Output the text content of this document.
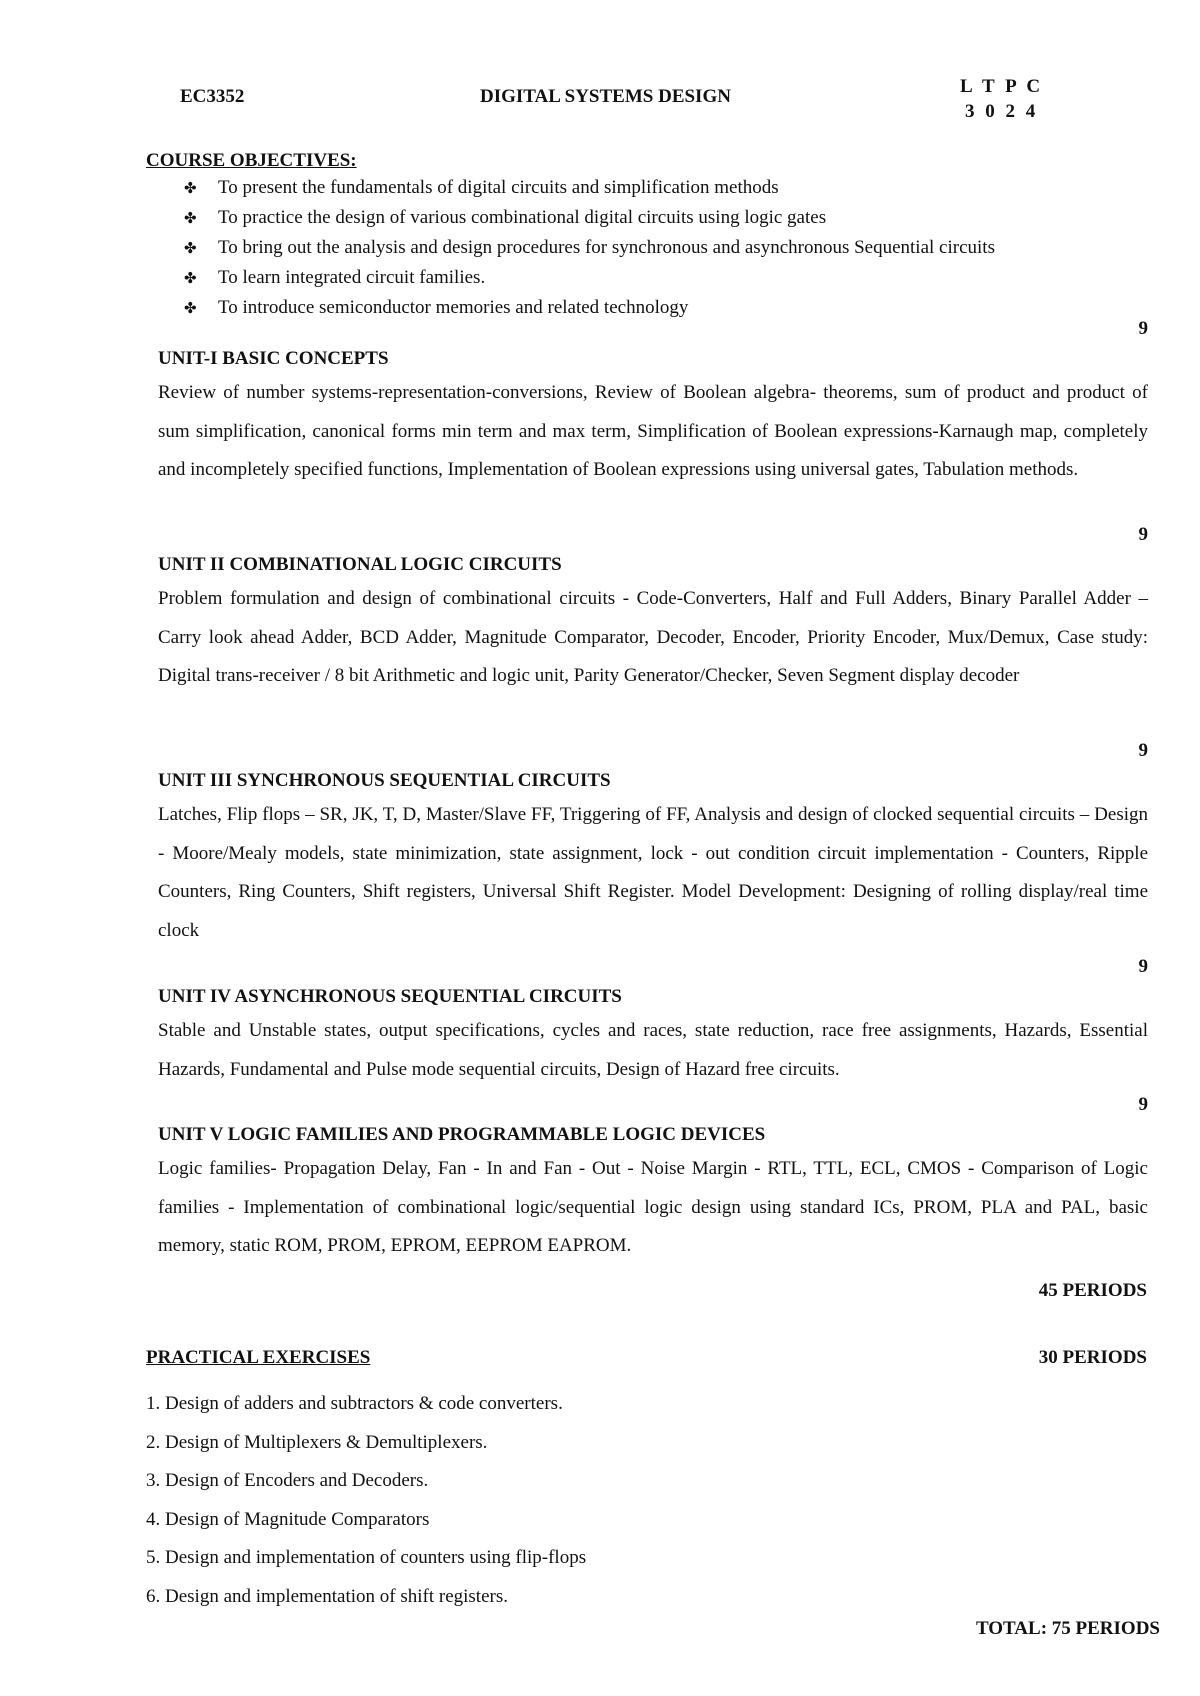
EC3352	DIGITAL SYSTEMS DESIGN	L T P C
3 0 2 4
COURSE OBJECTIVES:
✤ To present the fundamentals of digital circuits and simplification methods
✤ To practice the design of various combinational digital circuits using logic gates
✤ To bring out the analysis and design procedures for synchronous and asynchronous Sequential circuits
✤ To learn integrated circuit families.
✤ To introduce semiconductor memories and related technology
9
UNIT-I BASIC CONCEPTS

Review of number systems-representation-conversions, Review of Boolean algebra- theorems, sum of product and product of sum simplification, canonical forms min term and max term, Simplification of Boolean expressions-Karnaugh map, completely and incompletely specified functions, Implementation of Boolean expressions using universal gates, Tabulation methods.

9
UNIT II COMBINATIONAL LOGIC CIRCUITS

Problem formulation and design of combinational circuits - Code-Converters, Half and Full Adders, Binary Parallel Adder – Carry look ahead Adder, BCD Adder, Magnitude Comparator, Decoder, Encoder, Priority Encoder, Mux/Demux, Case study: Digital trans-receiver / 8 bit Arithmetic and logic unit, Parity Generator/Checker, Seven Segment display decoder

9
UNIT III SYNCHRONOUS SEQUENTIAL CIRCUITS

Latches, Flip flops – SR, JK, T, D, Master/Slave FF, Triggering of FF, Analysis and design of clocked sequential circuits – Design - Moore/Mealy models, state minimization, state assignment, lock - out condition circuit implementation - Counters, Ripple Counters, Ring Counters, Shift registers, Universal Shift Register. Model Development: Designing of rolling display/real time clock

9
UNIT IV ASYNCHRONOUS SEQUENTIAL CIRCUITS

Stable and Unstable states, output specifications, cycles and races, state reduction, race free assignments, Hazards, Essential Hazards, Fundamental and Pulse mode sequential circuits, Design of Hazard free circuits.

9
UNIT V LOGIC FAMILIES AND PROGRAMMABLE LOGIC DEVICES

Logic families- Propagation Delay, Fan - In and Fan - Out - Noise Margin - RTL, TTL, ECL, CMOS - Comparison of Logic families - Implementation of combinational logic/sequential logic design using standard ICs, PROM, PLA and PAL, basic memory, static ROM, PROM, EPROM, EEPROM EAPROM.

45 PERIODS
PRACTICAL EXERCISES	30 PERIODS
1. Design of adders and subtractors & code converters.
2. Design of Multiplexers & Demultiplexers.
3. Design of Encoders and Decoders.
4. Design of Magnitude Comparators
5. Design and implementation of counters using flip-flops
6. Design and implementation of shift registers.
TOTAL: 75 PERIODS
